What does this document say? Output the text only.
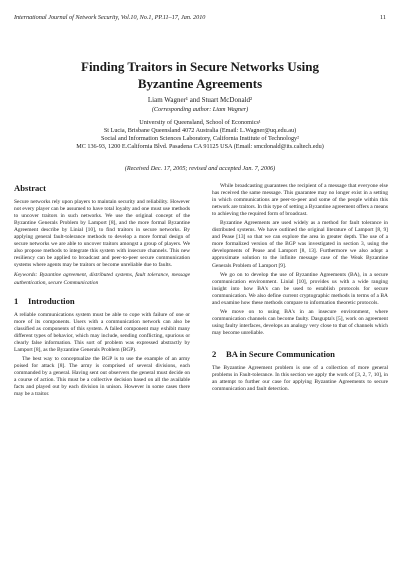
International Journal of Network Security, Vol.10, No.1, PP.11–17, Jan. 2010	11
Finding Traitors in Secure Networks Using
Byzantine Agreements
Liam Wagner¹ and Stuart McDonald²
(Corresponding author: Liam Wagner)
University of Queensland, School of Economics¹
St Lucia, Brisbane Queensland 4072 Australia (Email: L.Wagner@uq.edu.au)
Social and Information Sciences Laboratory, California Institute of Technology²
MC 136-93, 1200 E.California Blvd. Pasadena CA 91125 USA (Email: smcdonald@its.caltech.edu)
(Received Dec. 17, 2005; revised and accepted Jan. 7, 2006)
Abstract

Secure networks rely upon players to maintain security and reliability. However not every player can be assumed to have total loyalty and one must use methods to uncover traitors in such networks. We use the original concept of the Byzantine Generals Problem by Lamport [8], and the more formal Byzantine Agreement describe by Linial [10], to find traitors in secure networks. By applying general fault-tolerance methods to develop a more formal design of secure networks we are able to uncover traitors amongst a group of players. We also propose methods to integrate this system with insecure channels. This new resiliency can be applied to broadcast and peer-to-peer secure communication systems where agents may be traitors or become unreliable due to faults.

Keywords: Byzantine agreement, distributed systems, fault tolerance, message authentication, secure Communication
1 Introduction

A reliable communications system must be able to cope with failure of one or more of its components. Users with a communication network can also be classified as components of this system. A failed component may exhibit many different types of behavior, which may include, sending conflicting, spurious or clearly false information. This sort of problem was expressed abstractly by Lamport [8], as the Byzantine Generals Problem (BGP).

The best way to conceptualize the BGP is to use the example of an army poised for attack [8]. The army is comprised of several divisions, each commanded by a general. Having sent out observers the general must decide on a course of action. This must be a collective decision based on all the available facts and played out by each division in unison. However in some cases there may be a traitor.

While broadcasting guarantees the recipient of a message that everyone else has received the same message. This guarantee may no longer exist in a setting in which communications are peer-to-peer and some of the people within this network are traitors. In this type of setting a Byzantine agreement offers a means to achieving the required form of broadcast.

Byzantine Agreements are used widely as a method for fault tolerance in distributed systems. We have outlined the original literature of Lamport [8, 9] and Pease [13] so that we can explore the area in greater depth. The use of a more formalized version of the BGP was investigated in section 3, using the developments of Pease and Lamport [8, 13]. Furthermore we also adopt a approximate solution to the infinite message case of the Weak Byzantine Generals Problem of Lamport [9].

We go on to develop the use of Byzantine Agreements (BA), in a secure communication environment. Linial [10], provides us with a wide ranging insight into how BA's can be used to establish protocols for secure communication. We also define current cryptographic methods in terms of a BA and examine how these methods compare to information theoretic protocols.

We move on to using BA's in an insecure environment, where communication channels can become faulty. Dasgupta's [5], work on agreement using faulty interfaces, develops an analogy very close to that of channels which may become unreliable.

2 BA in Secure Communication

The Byzantine Agreement problem is one of a collection of more general problems in Fault-tolerance. In this section we apply the work of [3, 2, 7, 10], in an attempt to further our case for applying Byzantine Agreements to secure communication and fault detection.
